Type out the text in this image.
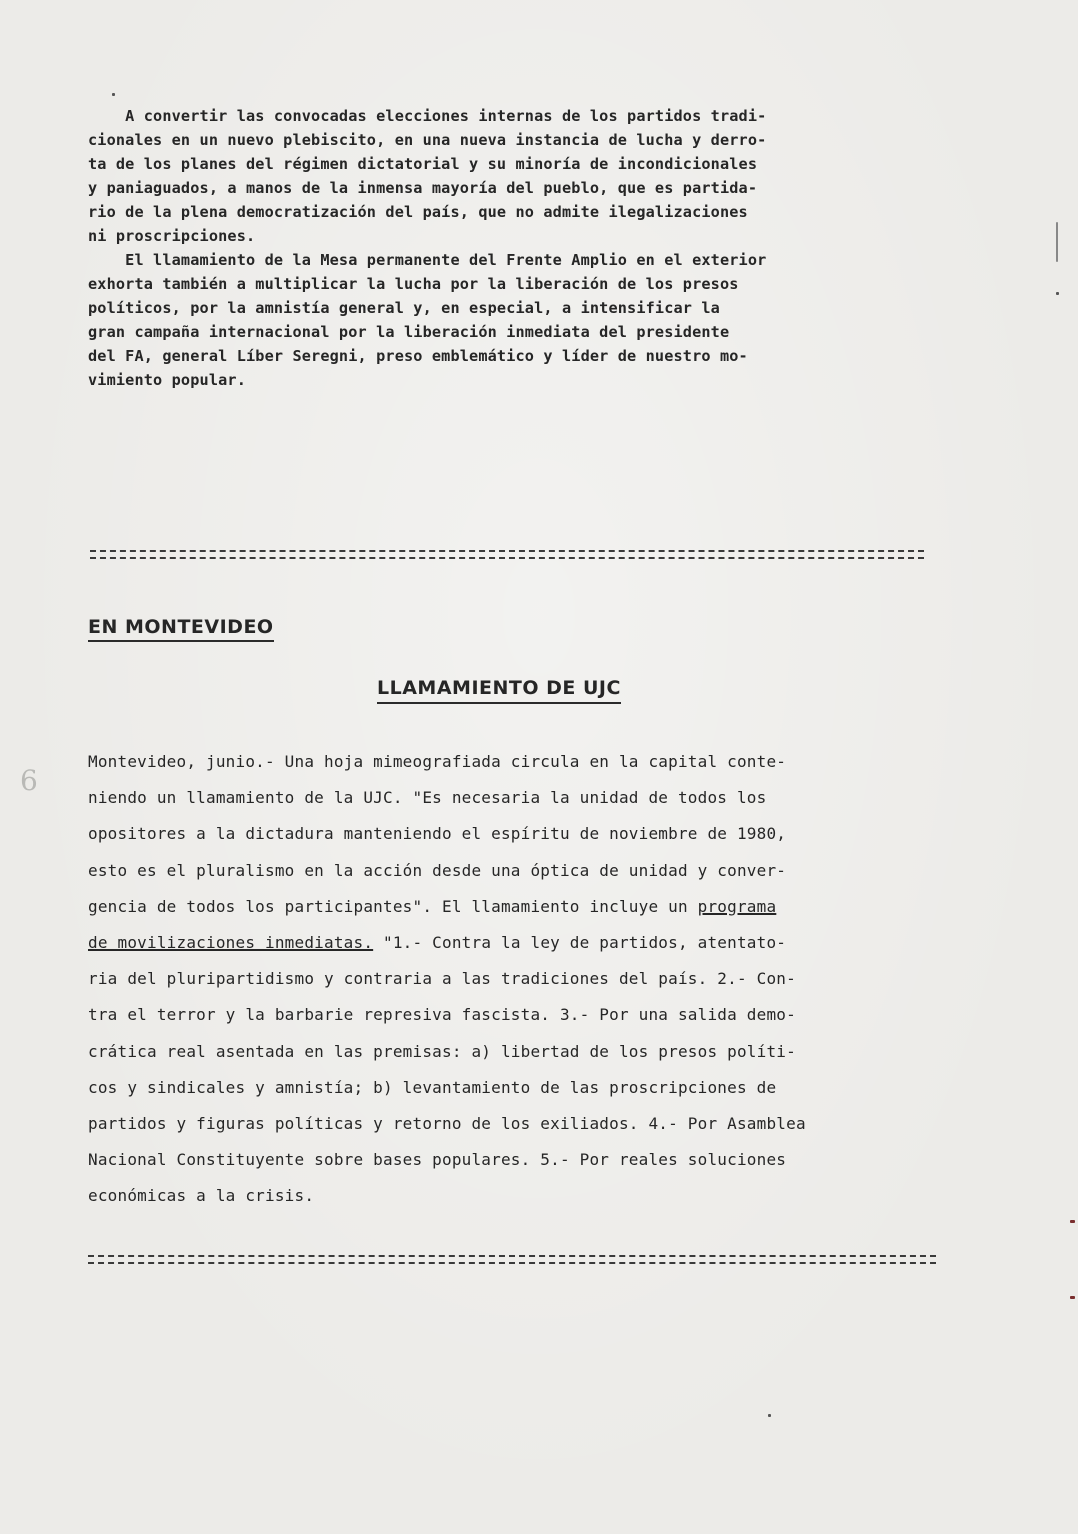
A convertir las convocadas elecciones internas de los partidos tradi-
cionales en un nuevo plebiscito, en una nueva instancia de lucha y derro-
ta de los planes del régimen dictatorial y su minoría de incondicionales
y paniaguados, a manos de la inmensa mayoría del pueblo, que es partida-
rio de la plena democratización del país, que no admite ilegalizaciones
ni proscripciones.
El llamamiento de la Mesa permanente del Frente Amplio en el exterior
exhorta también a multiplicar la lucha por la liberación de los presos
políticos, por la amnistía general y, en especial, a intensificar la
gran campaña internacional por la liberación inmediata del presidente
del FA, general Líber Seregni, preso emblemático y líder de nuestro mo-
vimiento popular.
EN MONTEVIDEO
LLAMAMIENTO DE UJC
6
Montevideo, junio.- Una hoja mimeografiada circula en la capital conte-
niendo un llamamiento de la UJC. "Es necesaria la unidad de todos los
opositores a la dictadura manteniendo el espíritu de noviembre de 1980,
esto es el pluralismo en la acción desde una óptica de unidad y conver-
gencia de todos los participantes". El llamamiento incluye un programa
de movilizaciones inmediatas. "1.- Contra la ley de partidos, atentato-
ria del pluripartidismo y contraria a las tradiciones del país. 2.- Con-
tra el terror y la barbarie represiva fascista. 3.- Por una salida demo-
crática real asentada en las premisas: a) libertad de los presos políti-
cos y sindicales y amnistía; b) levantamiento de las proscripciones de
partidos y figuras políticas y retorno de los exiliados. 4.- Por Asamblea
Nacional Constituyente sobre bases populares. 5.- Por reales soluciones
económicas a la crisis.
